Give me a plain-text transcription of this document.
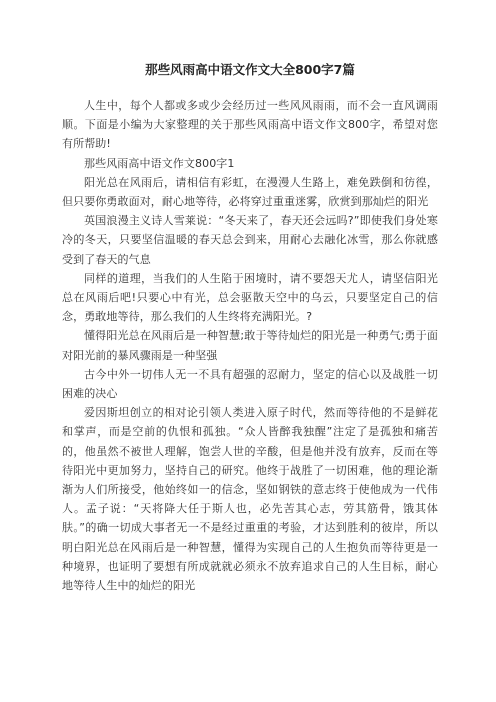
那些风雨高中语文作文大全800字7篇

人生中，每个人都或多或少会经历过一些风风雨雨，而不会一直风调雨顺。下面是小编为大家整理的关于那些风雨高中语文作文800字，希望对您有所帮助!

那些风雨高中语文作文800字1

阳光总在风雨后，请相信有彩虹，在漫漫人生路上，难免跌倒和彷徨，但只要你勇敢面对，耐心地等待，必将穿过重重迷雾，欣赏到那灿烂的阳光

英国浪漫主义诗人雪莱说：“冬天来了，春天还会远吗?”即使我们身处寒冷的冬天，只要坚信温暖的春天总会到来，用耐心去融化冰雪，那么你就感受到了春天的气息

同样的道理，当我们的人生陷于困境时，请不要怨天尤人，请坚信阳光总在风雨后吧!只要心中有光，总会驱散天空中的乌云，只要坚定自己的信念，勇敢地等待，那么我们的人生终将充满阳光。?

懂得阳光总在风雨后是一种智慧;敢于等待灿烂的阳光是一种勇气;勇于面对阳光前的暴风骤雨是一种坚强

古今中外一切伟人无一不具有超强的忍耐力，坚定的信心以及战胜一切困难的决心

爱因斯坦创立的相对论引领人类进入原子时代，然而等待他的不是鲜花和掌声，而是空前的仇恨和孤独。“众人皆醉我独醒”注定了是孤独和痛苦的，他虽然不被世人理解，饱尝人世的辛酸，但是他并没有放弃，反而在等待阳光中更加努力，坚持自己的研究。他终于战胜了一切困难，他的理论渐渐为人们所接受，他始终如一的信念，坚如钢铁的意志终于使他成为一代伟人。孟子说：“天将降大任于斯人也，必先苦其心志，劳其筋骨，饿其体肤。”的确一切成大事者无一不是经过重重的考验，才达到胜利的彼岸，所以明白阳光总在风雨后是一种智慧，懂得为实现自己的人生抱负而等待更是一种境界，也证明了要想有所成就就必须永不放弃追求自己的人生目标，耐心地等待人生中的灿烂的阳光
